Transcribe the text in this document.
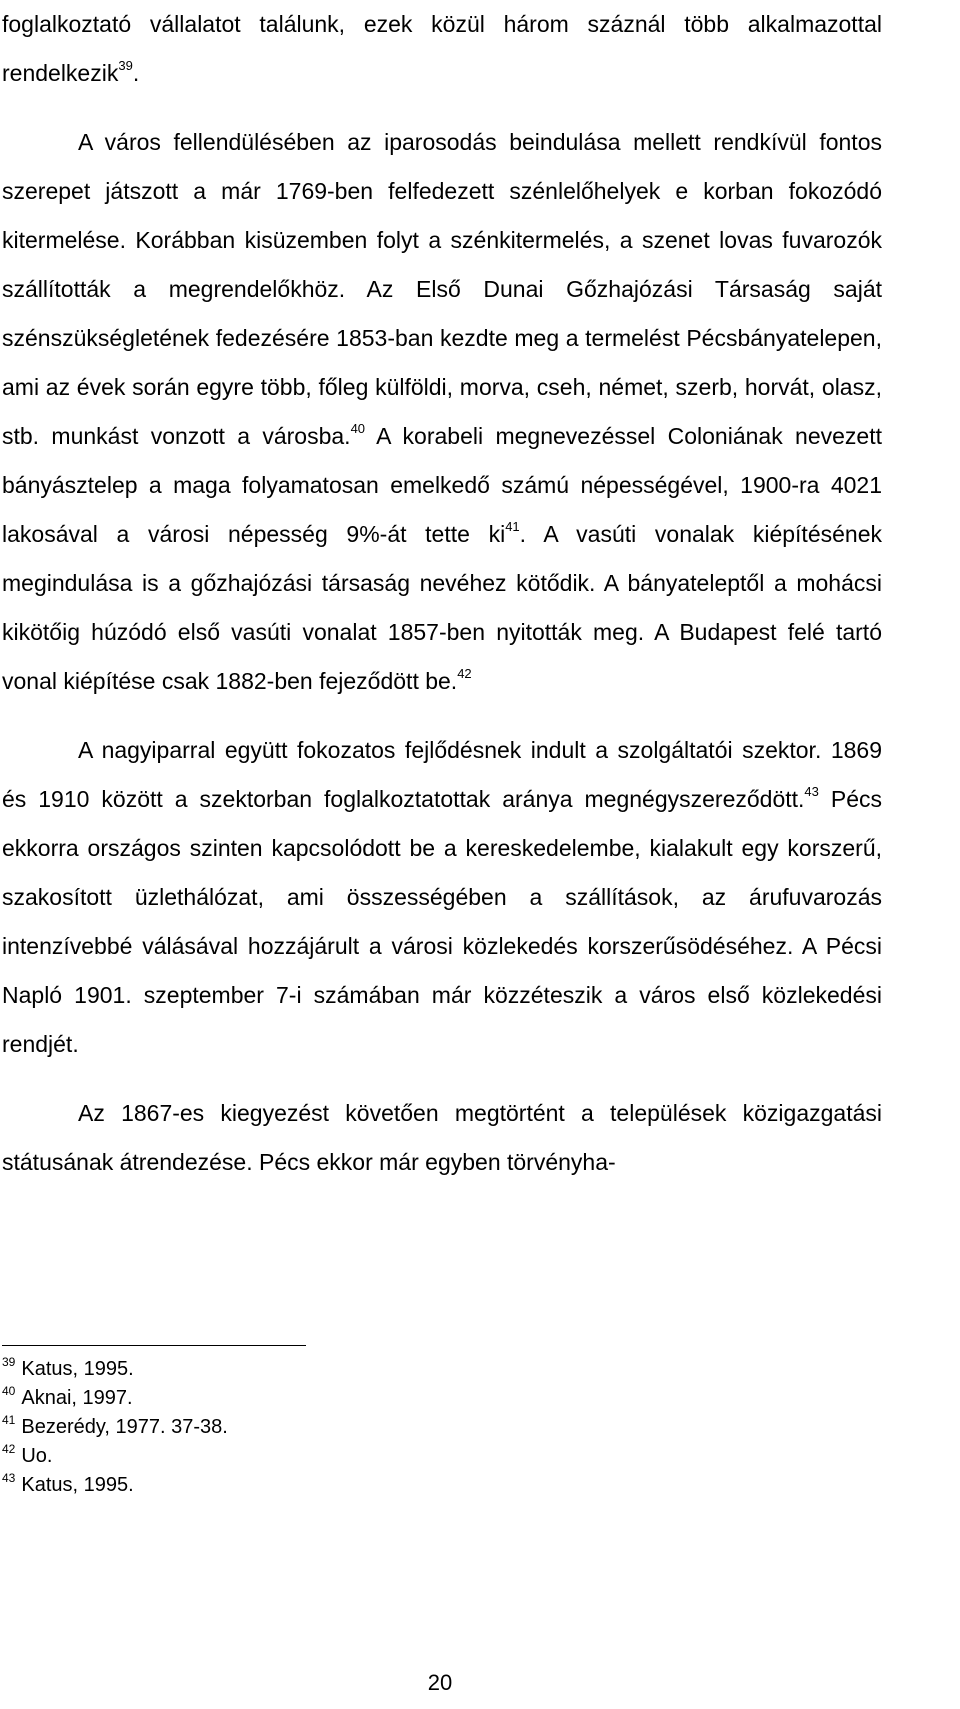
foglalkoztató vállalatot találunk, ezek közül három száznál több alkalmazottal rendelkezik$^{39}$.

A város fellendülésében az iparosodás beindulása mellett rendkívül fontos szerepet játszott a már 1769-ben felfedezett szénlelőhelyek e korban fokozódó kitermelése. Korábban kisüzemben folyt a szénkitermelés, a szenet lovas fuvarozók szállították a megrendelőkhöz. Az Első Dunai Gőzhajózási Társaság saját szénszükségletének fedezésére 1853-ban kezdte meg a termelést Pécsbányatelepen, ami az évek során egyre több, főleg külföldi, morva, cseh, német, szerb, horvát, olasz, stb. munkást vonzott a városba.$^{40}$ A korabeli megnevezéssel Coloniának nevezett bányásztelep a maga folyamatosan emelkedő számú népességével, 1900-ra 4021 lakosával a városi népesség 9%-át tette $ki^{41}$. A vasúti vonalak kiépítésének megindulása is a gőzhajózási társaság nevéhez kötődik. A bányateleptől a mohácsi kikötőig húzódó első vasúti vonalat 1857-ben nyitották meg. A Budapest felé tartó vonal kiépítése csak 1882-ben fejeződött be.$^{42}$

A nagyiparral együtt fokozatos fejlődésnek indult a szolgáltatói szektor. 1869 és 1910 között a szektorban foglalkoztatottak aránya megnégyszereződött.$^{43}$ Pécs ekkorra országos szinten kapcsolódott be a kereskedelembe, kialakult egy korszerű, szakosított üzlethálózat, ami összességében a szállítások, az árufuvarozás intenzívebbé válásával hozzájárult a városi közlekedés korszerűsödéséhez. A Pécsi Napló 1901. szeptember 7-i számában már közzéteszik a város első közlekedési rendjét.

Az 1867-es kiegyezést követően megtörtént a települések közigazgatási státusának átrendezése. Pécs ekkor már egyben törvényha-

$^{39}$ Katus, 1995.
$^{40}$ Aknai, 1997.
$^{41}$ Bezerédy, 1977. 37-38.
$^{42}$ Uo.
$^{43}$ Katus, 1995.
20
